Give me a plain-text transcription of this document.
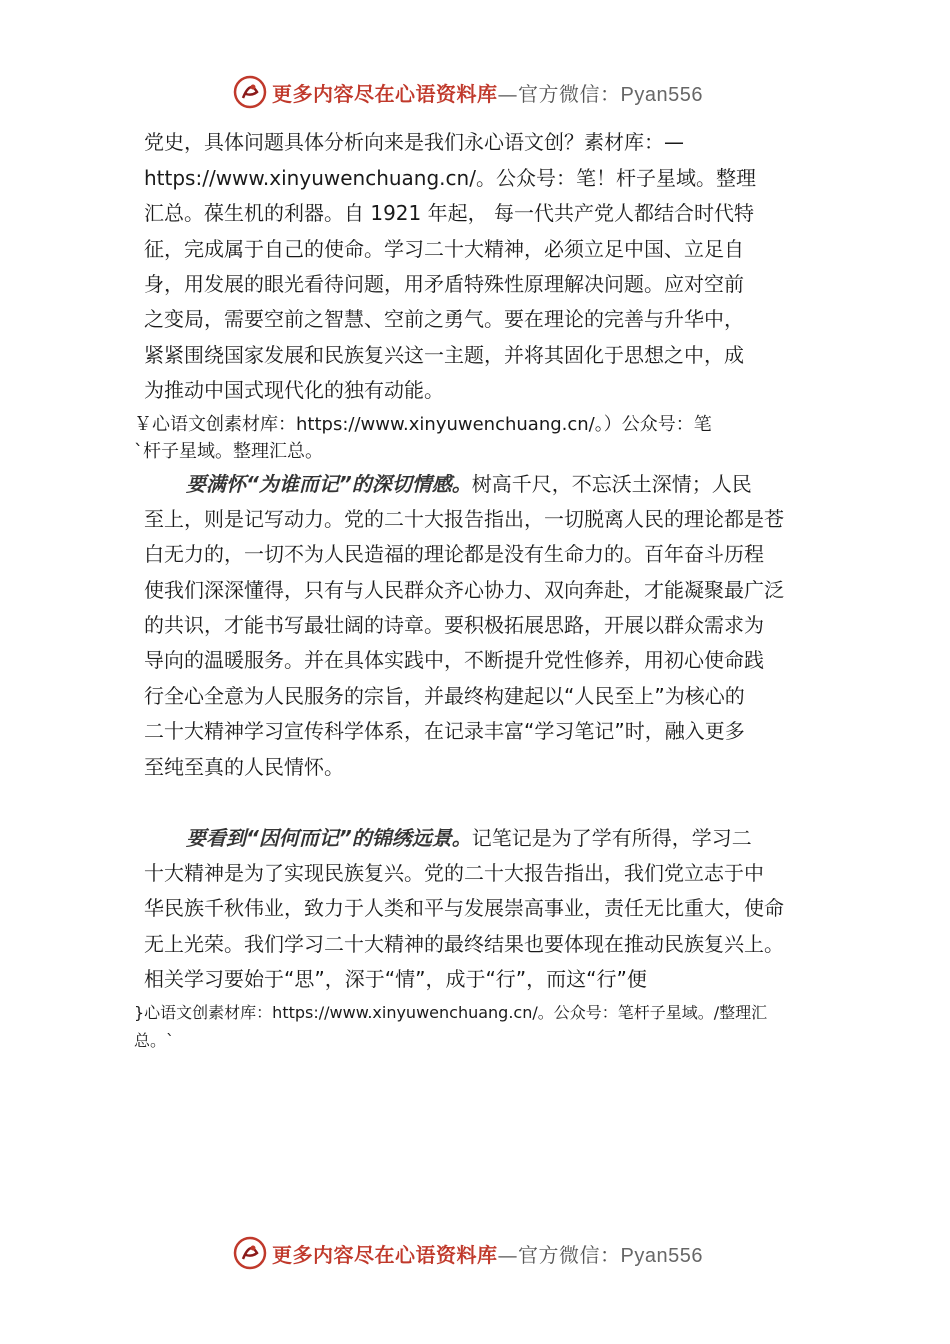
更多内容尽在心语资料库—官方微信：Pyan556
党史，具体问题具体分析向来是我们永心语文创？素材库：—
https://www.xinyuwenchuang.cn/。公众号：笔！杆子星域。整理
汇总。葆生机的利器。自 1921 年起， 每一代共产党人都结合时代特
征，完成属于自己的使命。学习二十大精神，必须立足中国、立足自
身，用发展的眼光看待问题，用矛盾特殊性原理解决问题。应对空前
之变局，需要空前之智慧、空前之勇气。要在理论的完善与升华中，
紧紧围绕国家发展和民族复兴这一主题，并将其固化于思想之中，成
为推动中国式现代化的独有动能。
￥心语文创素材库：https://www.xinyuwenchuang.cn/。）公众号：笔
`杆子星域。整理汇总。
要满怀“为谁而记”的深切情感。树高千尺，不忘沃土深情；人民
至上，则是记写动力。党的二十大报告指出，一切脱离人民的理论都是苍
白无力的，一切不为人民造福的理论都是没有生命力的。百年奋斗历程
使我们深深懂得，只有与人民群众齐心协力、双向奔赴，才能凝聚最广泛
的共识，才能书写最壮阔的诗章。要积极拓展思路，开展以群众需求为
导向的温暖服务。并在具体实践中，不断提升党性修养，用初心使命践
行全心全意为人民服务的宗旨，并最终构建起以“人民至上”为核心的
二十大精神学习宣传科学体系，在记录丰富“学习笔记”时，融入更多
至纯至真的人民情怀。
要看到“因何而记”的锦绣远景。记笔记是为了学有所得，学习二
十大精神是为了实现民族复兴。党的二十大报告指出，我们党立志于中
华民族千秋伟业，致力于人类和平与发展崇高事业，责任无比重大，使命
无上光荣。我们学习二十大精神的最终结果也要体现在推动民族复兴上。
相关学习要始于“思”，深于“情”，成于“行”，而这“行”便
}心语文创素材库：https://www.xinyuwenchuang.cn/。公众号：笔杆子星域。/整理汇
总。`
更多内容尽在心语资料库—官方微信：Pyan556
